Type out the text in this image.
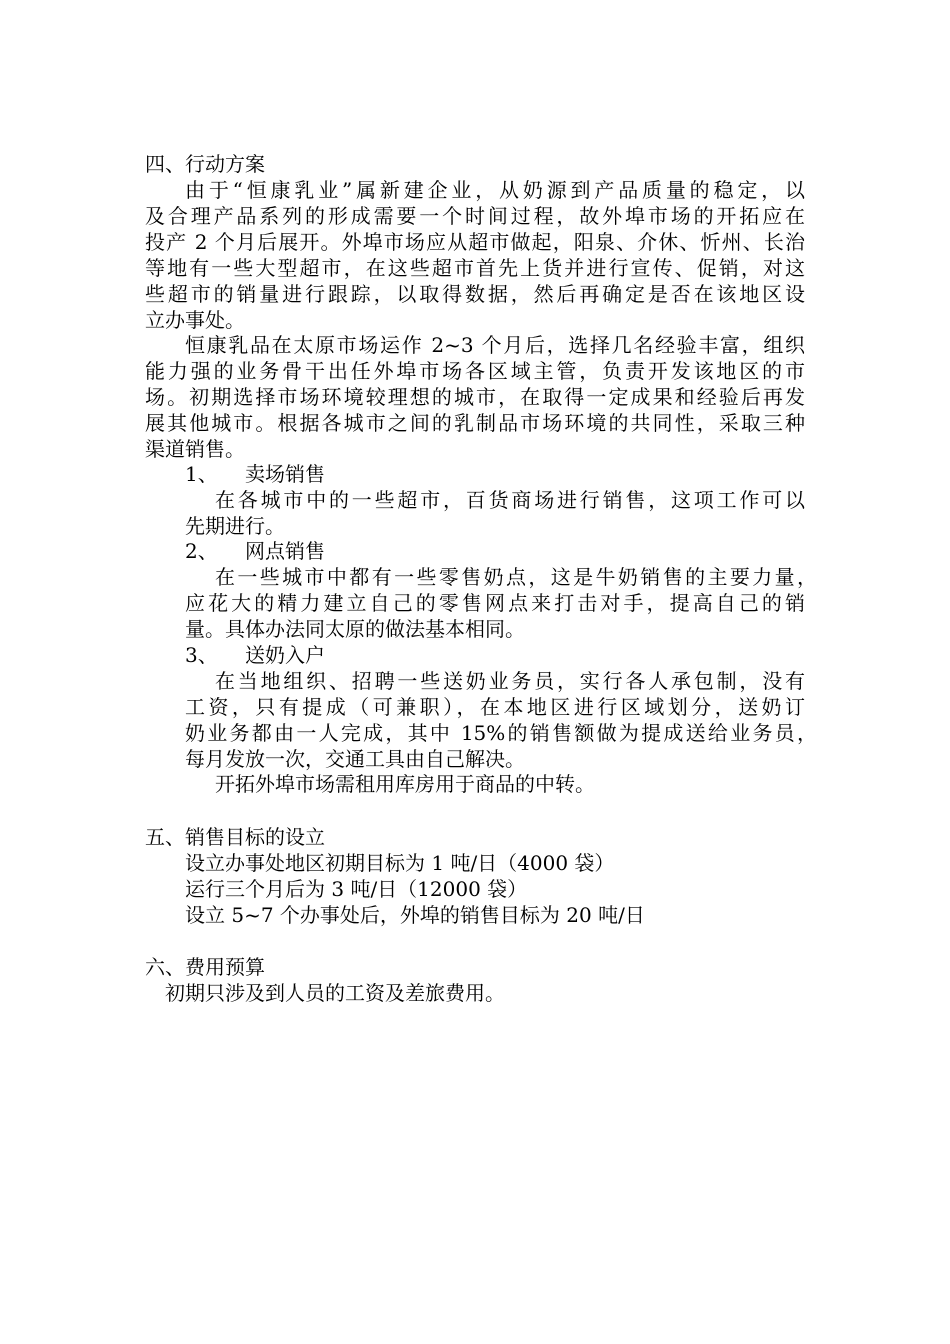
四、行动方案
由于“恒康乳业”属新建企业，从奶源到产品质量的稳定，以
及合理产品系列的形成需要一个时间过程，故外埠市场的开拓应在
投产 2 个月后展开。外埠市场应从超市做起，阳泉、介休、忻州、长治
等地有一些大型超市，在这些超市首先上货并进行宣传、促销，对这
些超市的销量进行跟踪，以取得数据，然后再确定是否在该地区设
立办事处。
恒康乳品在太原市场运作 2~3 个月后，选择几名经验丰富，组织
能力强的业务骨干出任外埠市场各区域主管，负责开发该地区的市
场。初期选择市场环境较理想的城市，在取得一定成果和经验后再发
展其他城市。根据各城市之间的乳制品市场环境的共同性，采取三种
渠道销售。
1、 卖场销售
在各城市中的一些超市，百货商场进行销售，这项工作可以
先期进行。
2、 网点销售
在一些城市中都有一些零售奶点，这是牛奶销售的主要力量，
应花大的精力建立自己的零售网点来打击对手，提高自己的销
量。具体办法同太原的做法基本相同。
3、 送奶入户
在当地组织、招聘一些送奶业务员，实行各人承包制，没有
工资，只有提成（可兼职），在本地区进行区域划分，送奶订
奶业务都由一人完成，其中 15%的销售额做为提成送给业务员，
每月发放一次，交通工具由自己解决。
开拓外埠市场需租用库房用于商品的中转。
五、销售目标的设立
设立办事处地区初期目标为 1 吨/日（4000 袋）
运行三个月后为 3 吨/日（12000 袋）
设立 5~7 个办事处后，外埠的销售目标为 20 吨/日
六、费用预算
初期只涉及到人员的工资及差旅费用。
